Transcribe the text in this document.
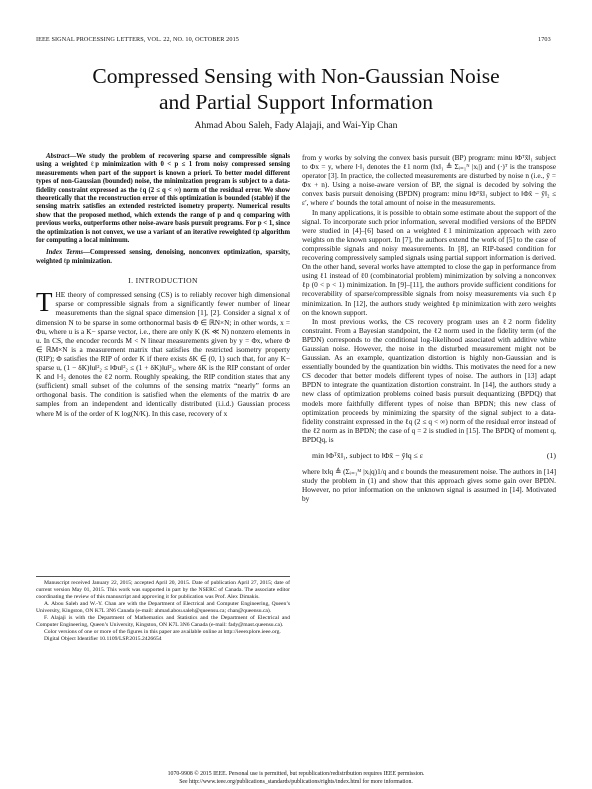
IEEE SIGNAL PROCESSING LETTERS, VOL. 22, NO. 10, OCTOBER 2015	1703
Compressed Sensing with Non-Gaussian Noise
and Partial Support Information
Ahmad Abou Saleh, Fady Alajaji, and Wai-Yip Chan
Abstract—We study the problem of recovering sparse and compressible signals using a weighted ℓp minimization with 0 < p ≤ 1 from noisy compressed sensing measurements when part of the support is known a priori. To better model different types of non-Gaussian (bounded) noise, the minimization program is subject to a data-fidelity constraint expressed as the ℓq (2 ≤ q < ∞) norm of the residual error. We show theoretically that the reconstruction error of this optimization is bounded (stable) if the sensing matrix satisfies an extended restricted isometry property. Numerical results show that the proposed method, which extends the range of p and q comparing with previous works, outperforms other noise-aware basis pursuit programs. For p < 1, since the optimization is not convex, we use a variant of an iterative reweighted ℓp algorithm for computing a local minimum.
Index Terms—Compressed sensing, denoising, nonconvex optimization, sparsity, weighted ℓp minimization.
I. INTRODUCTION

THE theory of compressed sensing (CS) is to reliably recover high dimensional sparse or compressible signals from a significantly fewer number of linear measurements than the signal space dimension [1], [2]. Consider a signal x of dimension N to be sparse in some orthonormal basis Φ ∈ ℝN×N; in other words, x = Φu, where u is a K− sparse vector, i.e., there are only K (K ≪ N) nonzero elements in u. In CS, the encoder records M < N linear measurements given by y = Φx, where Φ ∈ ℝM×N is a measurement matrix that satisfies the restricted isometry property (RIP); Φ satisfies the RIP of order K if there exists δK ∈ (0, 1) such that, for any K− sparse u, (1 − δK)‖u‖²₂ ≤ ‖Φu‖²₂ ≤ (1 + δK)‖u‖²₂, where δK is the RIP constant of order K and ‖·‖₂ denotes the ℓ2 norm. Roughly speaking, the RIP condition states that any (sufficient) small subset of the columns of the sensing matrix “nearly” forms an orthogonal basis. The condition is satisfied when the elements of the matrix Φ are samples from an independent and identically distributed (i.i.d.) Gaussian process where M is of the order of K log(N/K). In this case, recovery of x

Manuscript received January 22, 2015; accepted April 20, 2015. Date of publication April 27, 2015; date of current version May 01, 2015. This work was supported in part by the NSERC of Canada. The associate editor coordinating the review of this manuscript and approving it for publication was Prof. Alex Dimakis.

A. Abou Saleh and W.-Y. Chan are with the Department of Electrical and Computer Engineering, Queen’s University, Kingston, ON K7L 3N6 Canada (e-mail: ahmad.abou.saleh@queensu.ca; chan@queensu.ca).

F. Alajaji is with the Department of Mathematics and Statistics and the Department of Electrical and Computer Engineering, Queen’s University, Kingston, ON K7L 3N6 Canada (e-mail: fady@mast.queensu.ca).

Color versions of one or more of the figures in this paper are available online at http://ieeexplore.ieee.org.

Digital Object Identifier 10.1109/LSP.2015.2426654

from y works by solving the convex basis pursuit (BP) program: minu ‖Φᵀx̂‖₁ subject to Φx = y, where ‖·‖₁ denotes the ℓ1 norm (‖x‖₁ ≜ Σᵢ₌₁ᴺ |xᵢ|) and (·)ᵀ is the transpose operator [3]. In practice, the collected measurements are disturbed by noise n (i.e., ỹ = Φx + n). Using a noise-aware version of BP, the signal is decoded by solving the convex basis pursuit denoising (BPDN) program: minu ‖Φᵀx̂‖₁ subject to ‖Φx̂ − ỹ‖₂ ≤ ε′, where ε′ bounds the total amount of noise in the measurements.

In many applications, it is possible to obtain some estimate about the support of the signal. To incorporate such prior information, several modified versions of the BPDN were studied in [4]–[6] based on a weighted ℓ1 minimization approach with zero weights on the known support. In [7], the authors extend the work of [5] to the case of compressible signals and noisy measurements. In [8], an RIP-based condition for recovering compressively sampled signals using partial support information is derived. On the other hand, several works have attempted to close the gap in performance from using ℓ1 instead of ℓ0 (combinatorial problem) minimization by solving a nonconvex ℓp (0 < p < 1) minimization. In [9]–[11], the authors provide sufficient conditions for recoverability of sparse/compressible signals from noisy measurements via such ℓp minimization. In [12], the authors study weighted ℓp minimization with zero weights on the known support.

In most previous works, the CS recovery program uses an ℓ2 norm fidelity constraint. From a Bayesian standpoint, the ℓ2 norm used in the fidelity term (of the BPDN) corresponds to the conditional log-likelihood associated with additive white Gaussian noise. However, the noise in the disturbed measurement might not be Gaussian. As an example, quantization distortion is highly non-Gaussian and is essentially bounded by the quantization bin widths. This motivates the need for a new CS decoder that better models different types of noise. The authors in [13] adapt BPDN to integrate the quantization distortion constraint. In [14], the authors study a new class of optimization problems coined basis pursuit dequantizing (BPDQ) that models more faithfully different types of noise than BPDN; this new class of optimization proceeds by minimizing the sparsity of the signal subject to a data-fidelity constraint expressed in the ℓq (2 ≤ q < ∞) norm of the residual error instead of the ℓ2 norm as in BPDN; the case of q = 2 is studied in [15]. The BPDQ of moment q, BPDQq, is

min ‖Φᵀx̂‖₁, subject to ‖Φx̂ − ỹ‖q ≤ ε	(1)

where ‖x‖q ≜ (Σᵢ₌₁ᴹ |xᵢ|q)1/q and ε bounds the measurement noise. The authors in [14] study the problem in (1) and show that this approach gives some gain over BPDN. However, no prior information on the unknown signal is assumed in [14]. Motivated by

1070-9908 © 2015 IEEE. Personal use is permitted, but republication/redistribution requires IEEE permission.
See http://www.ieee.org/publications_standards/publications/rights/index.html for more information.
